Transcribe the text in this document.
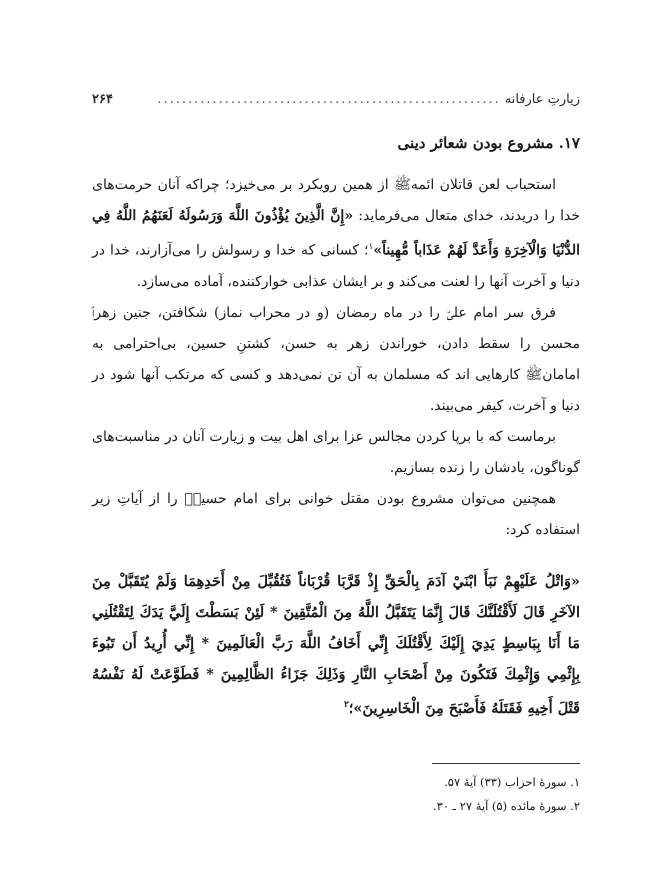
زیارتِ عارفانه
........................................................
۲۶۴
۱۷. مشروع بودن شعائر دینی

استحباب لعن قاتلان ائمهﷺ از همین رویکرد بر می‌خیزد؛ چراکه آنان حرمت‌های خدا را دریدند، خدای متعال می‌فرماید: «إِنَّ الَّذِينَ يُؤْذُونَ اللَّهَ وَرَسُولَهُ لَعَنَهُمُ اللَّهُ فِي الدُّنْيَا وَالْآخِرَةِ وَأَعَدَّ لَهُمْ عَذَاباً مُّهِيناً»$^۱$؛ کسانی که خدا و رسولش را می‌آزارند، خدا در دنیا و آخرت آنها را لعنت می‌کند و بر ایشان عذابی خوارکننده، آماده می‌سازد.

فرق سر امام علیؑ را در ماه رمضان (و در محراب نماز) شکافتن، جنین زهراؑ محسن را سقط دادن، خوراندن زهر به حسن، کشتنِ حسین، بی‌احترامی به امامانﷺ کارهایی اند که مسلمان به آن تن نمی‌دهد و کسی که مرتکب آنها شود در دنیا و آخرت، کیفر می‌بیند.

برماست که با برپا کردن مجالس عزا برای اهل بیت و زیارت آنان در مناسبت‌های گوناگون، یادشان را زنده بسازیم.

همچنین می‌توان مشروع بودن مقتل خوانی برای امام حسینؑ را از آیاتِ زیر استفاده کرد:

«وَاتْلُ عَلَيْهِمْ نَبَأَ ابْنَيْ آدَمَ بِالْحَقِّ إِذْ قَرَّبَا قُرْبَاناً فَتُقُبِّلَ مِنْ أَحَدِهِمَا وَلَمْ يُتَقَبَّلْ مِنَ الآخَرِ قَالَ لَأَقْتُلَنَّكَ قَالَ إِنَّمَا يَتَقَبَّلُ اللَّهُ مِنَ الْمُتَّقِينَ * لَئِنْ بَسَطْتَ إِلَيَّ يَدَكَ لِتَقْتُلَنِي مَا أَنَا بِبَاسِطٍ يَدِيَ إِلَيْكَ لِأَقْتُلَكَ إِنِّي أَخَافُ اللَّهَ رَبَّ الْعَالَمِينَ * إِنِّي أُرِيدُ أَن تَبُوءَ بِإِثْمِي وَإِثْمِكَ فَتَكُونَ مِنْ أَصْحَابِ النَّارِ وَذَلِكَ جَزَاءُ الظَّالِمِينَ * فَطَوَّعَتْ لَهُ نَفْسُهُ قَتْلَ أَخِيهِ فَقَتَلَهُ فَأَصْبَحَ مِنَ الْخَاسِرِينَ»؛$^۲$
۱. سورهٔ احزاب (۳۳) آیهٔ ۵۷.
۲. سورهٔ مائده (۵) آیهٔ ۲۷ ـ ۳۰.
